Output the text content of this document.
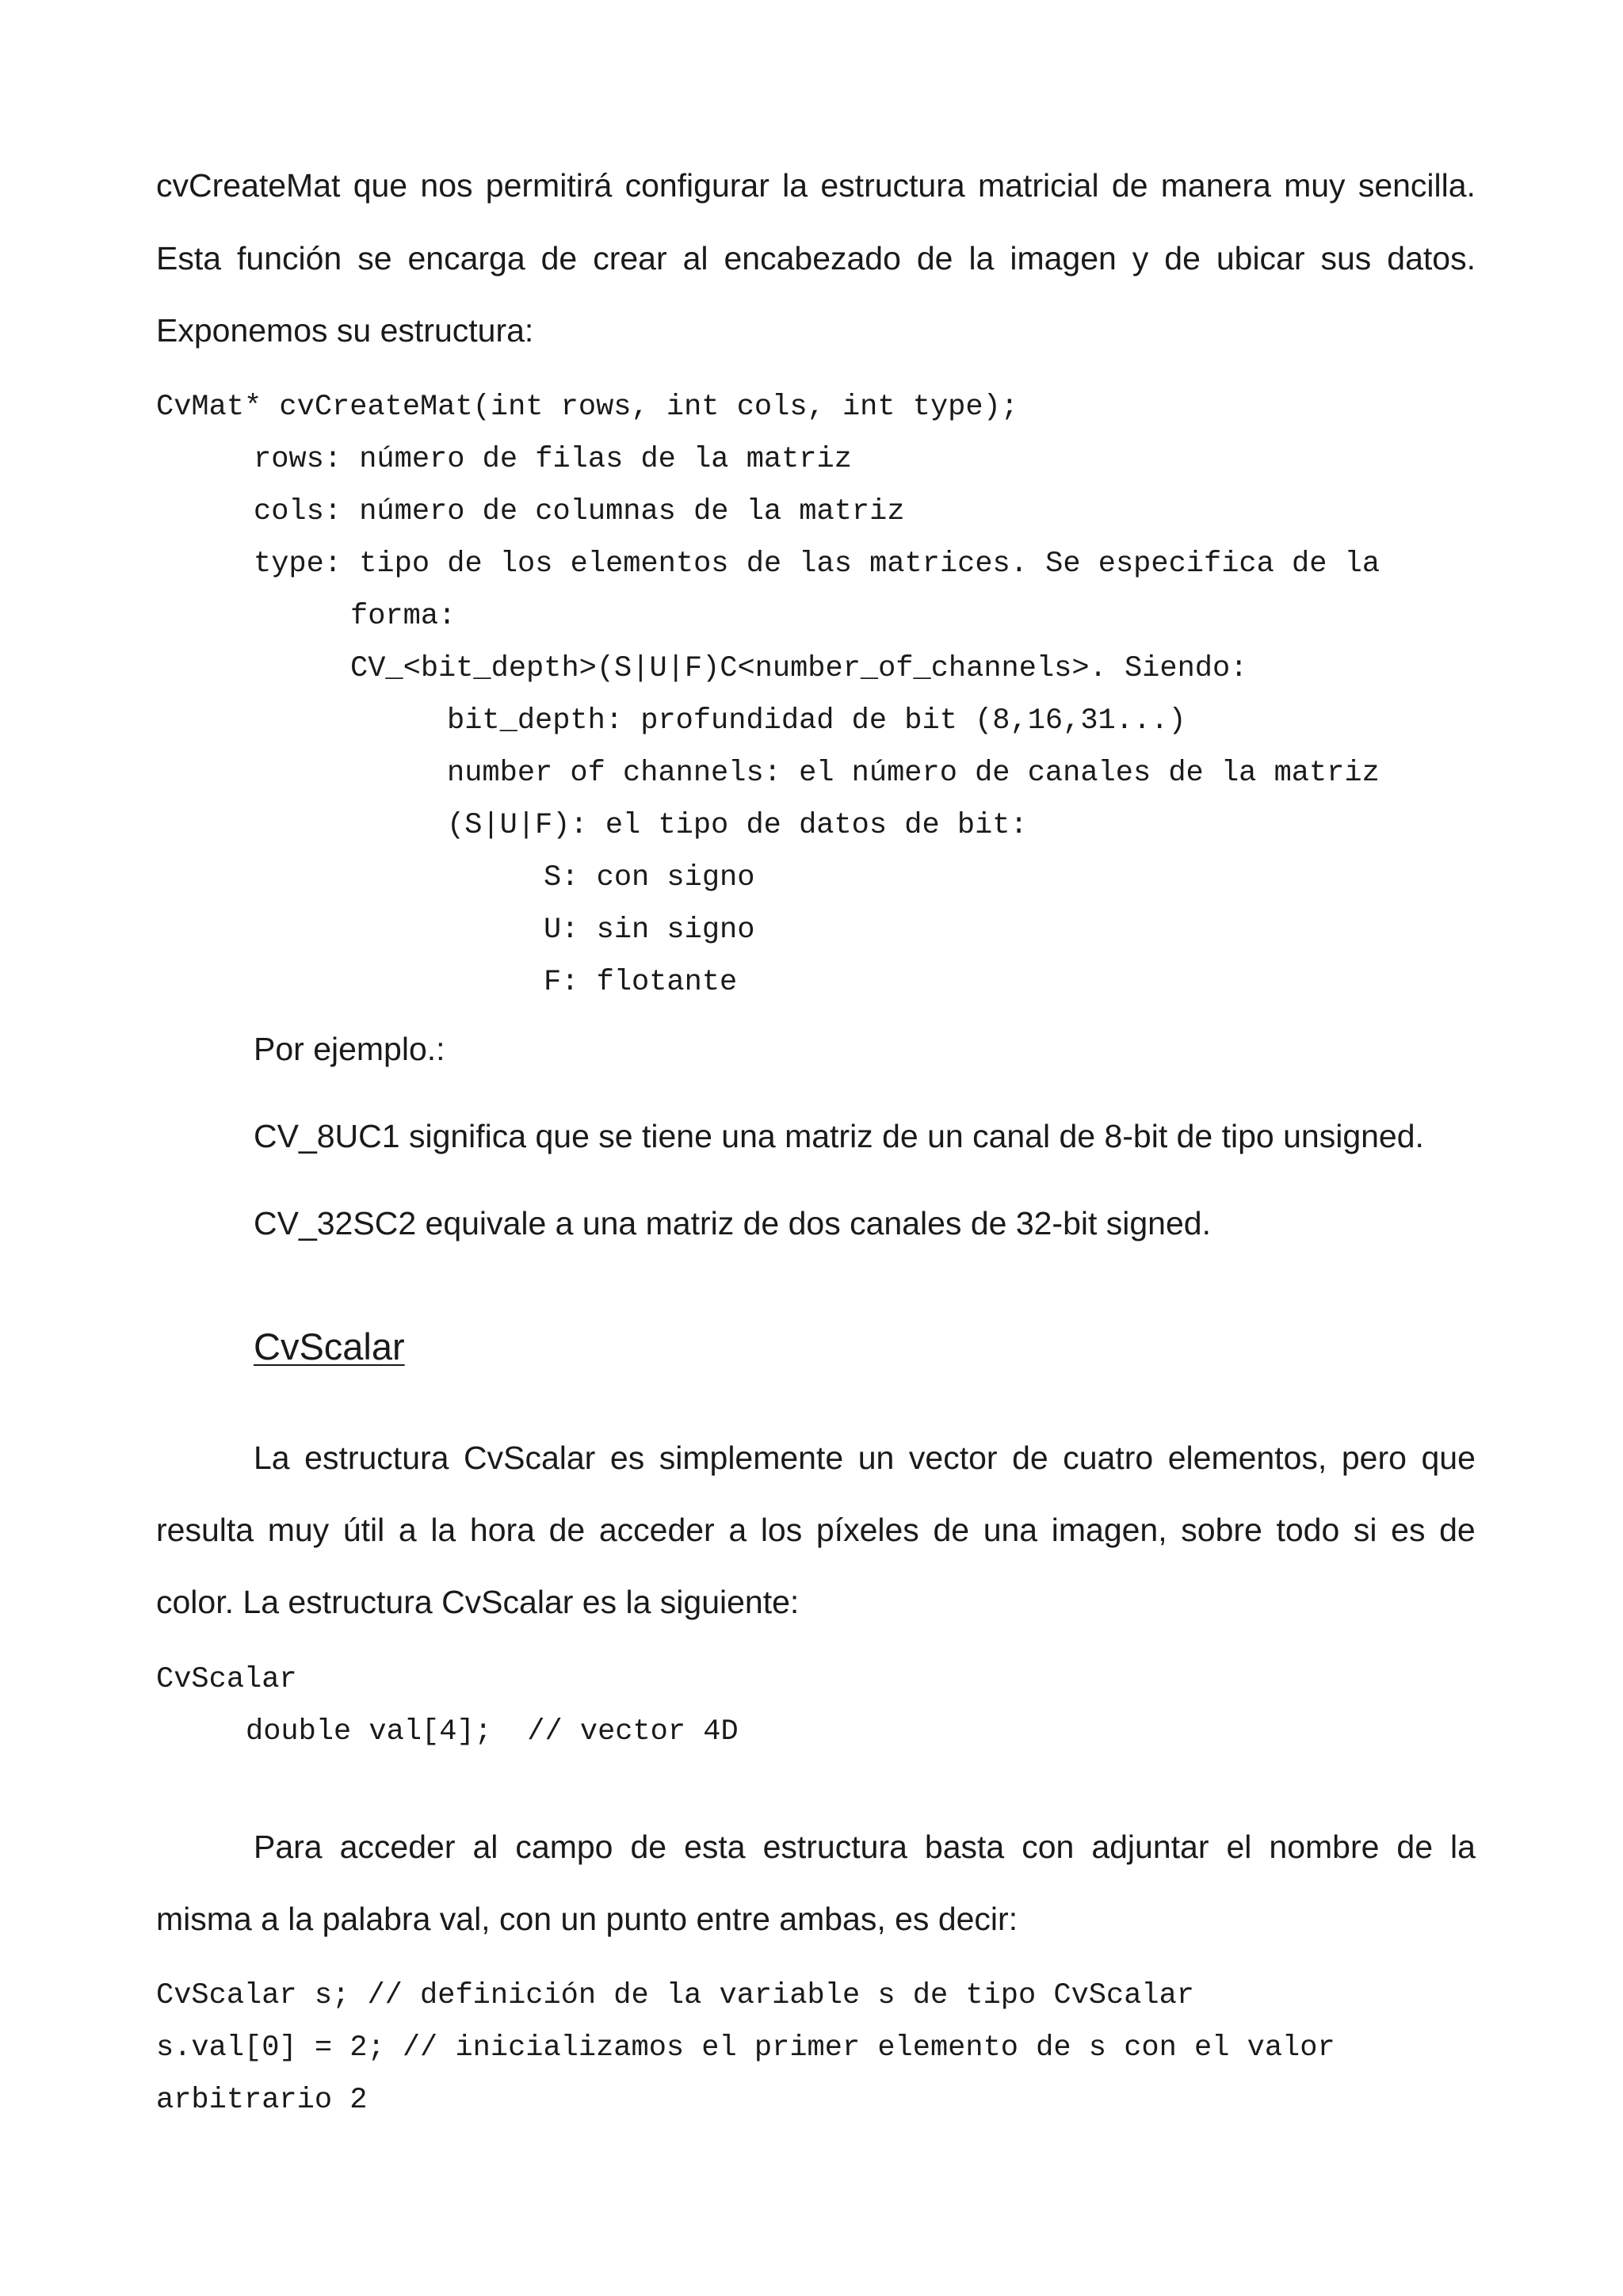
cvCreateMat que nos permitirá configurar la estructura matricial de manera muy sencilla.
Esta función se encarga de crear al encabezado de la imagen y de ubicar sus datos.
Exponemos su estructura:
CvMat* cvCreateMat(int rows, int cols, int type);
rows: número de filas de la matriz
cols: número de columnas de la matriz
type: tipo de los elementos de las matrices. Se especifica de la
forma:
CV_<bit_depth>(S|U|F)C<number_of_channels>. Siendo:
bit_depth: profundidad de bit (8,16,31...)
number of channels: el número de canales de la matriz
(S|U|F): el tipo de datos de bit:
S: con signo
U: sin signo
F: flotante
Por ejemplo.:
CV_8UC1 significa que se tiene una matriz de un canal de 8-bit de tipo unsigned.
CV_32SC2 equivale a una matriz de dos canales de 32-bit signed.
CvScalar
La estructura CvScalar es simplemente un vector de cuatro elementos, pero que
resulta muy útil a la hora de acceder a los píxeles de una imagen, sobre todo si es de
color. La estructura CvScalar es la siguiente:
CvScalar
double val[4];  // vector 4D
Para acceder al campo de esta estructura basta con adjuntar el nombre de la
misma a la palabra val, con un punto entre ambas, es decir:
CvScalar s; // definición de la variable s de tipo CvScalar
s.val[0] = 2; // inicializamos el primer elemento de s con el valor
arbitrario 2
